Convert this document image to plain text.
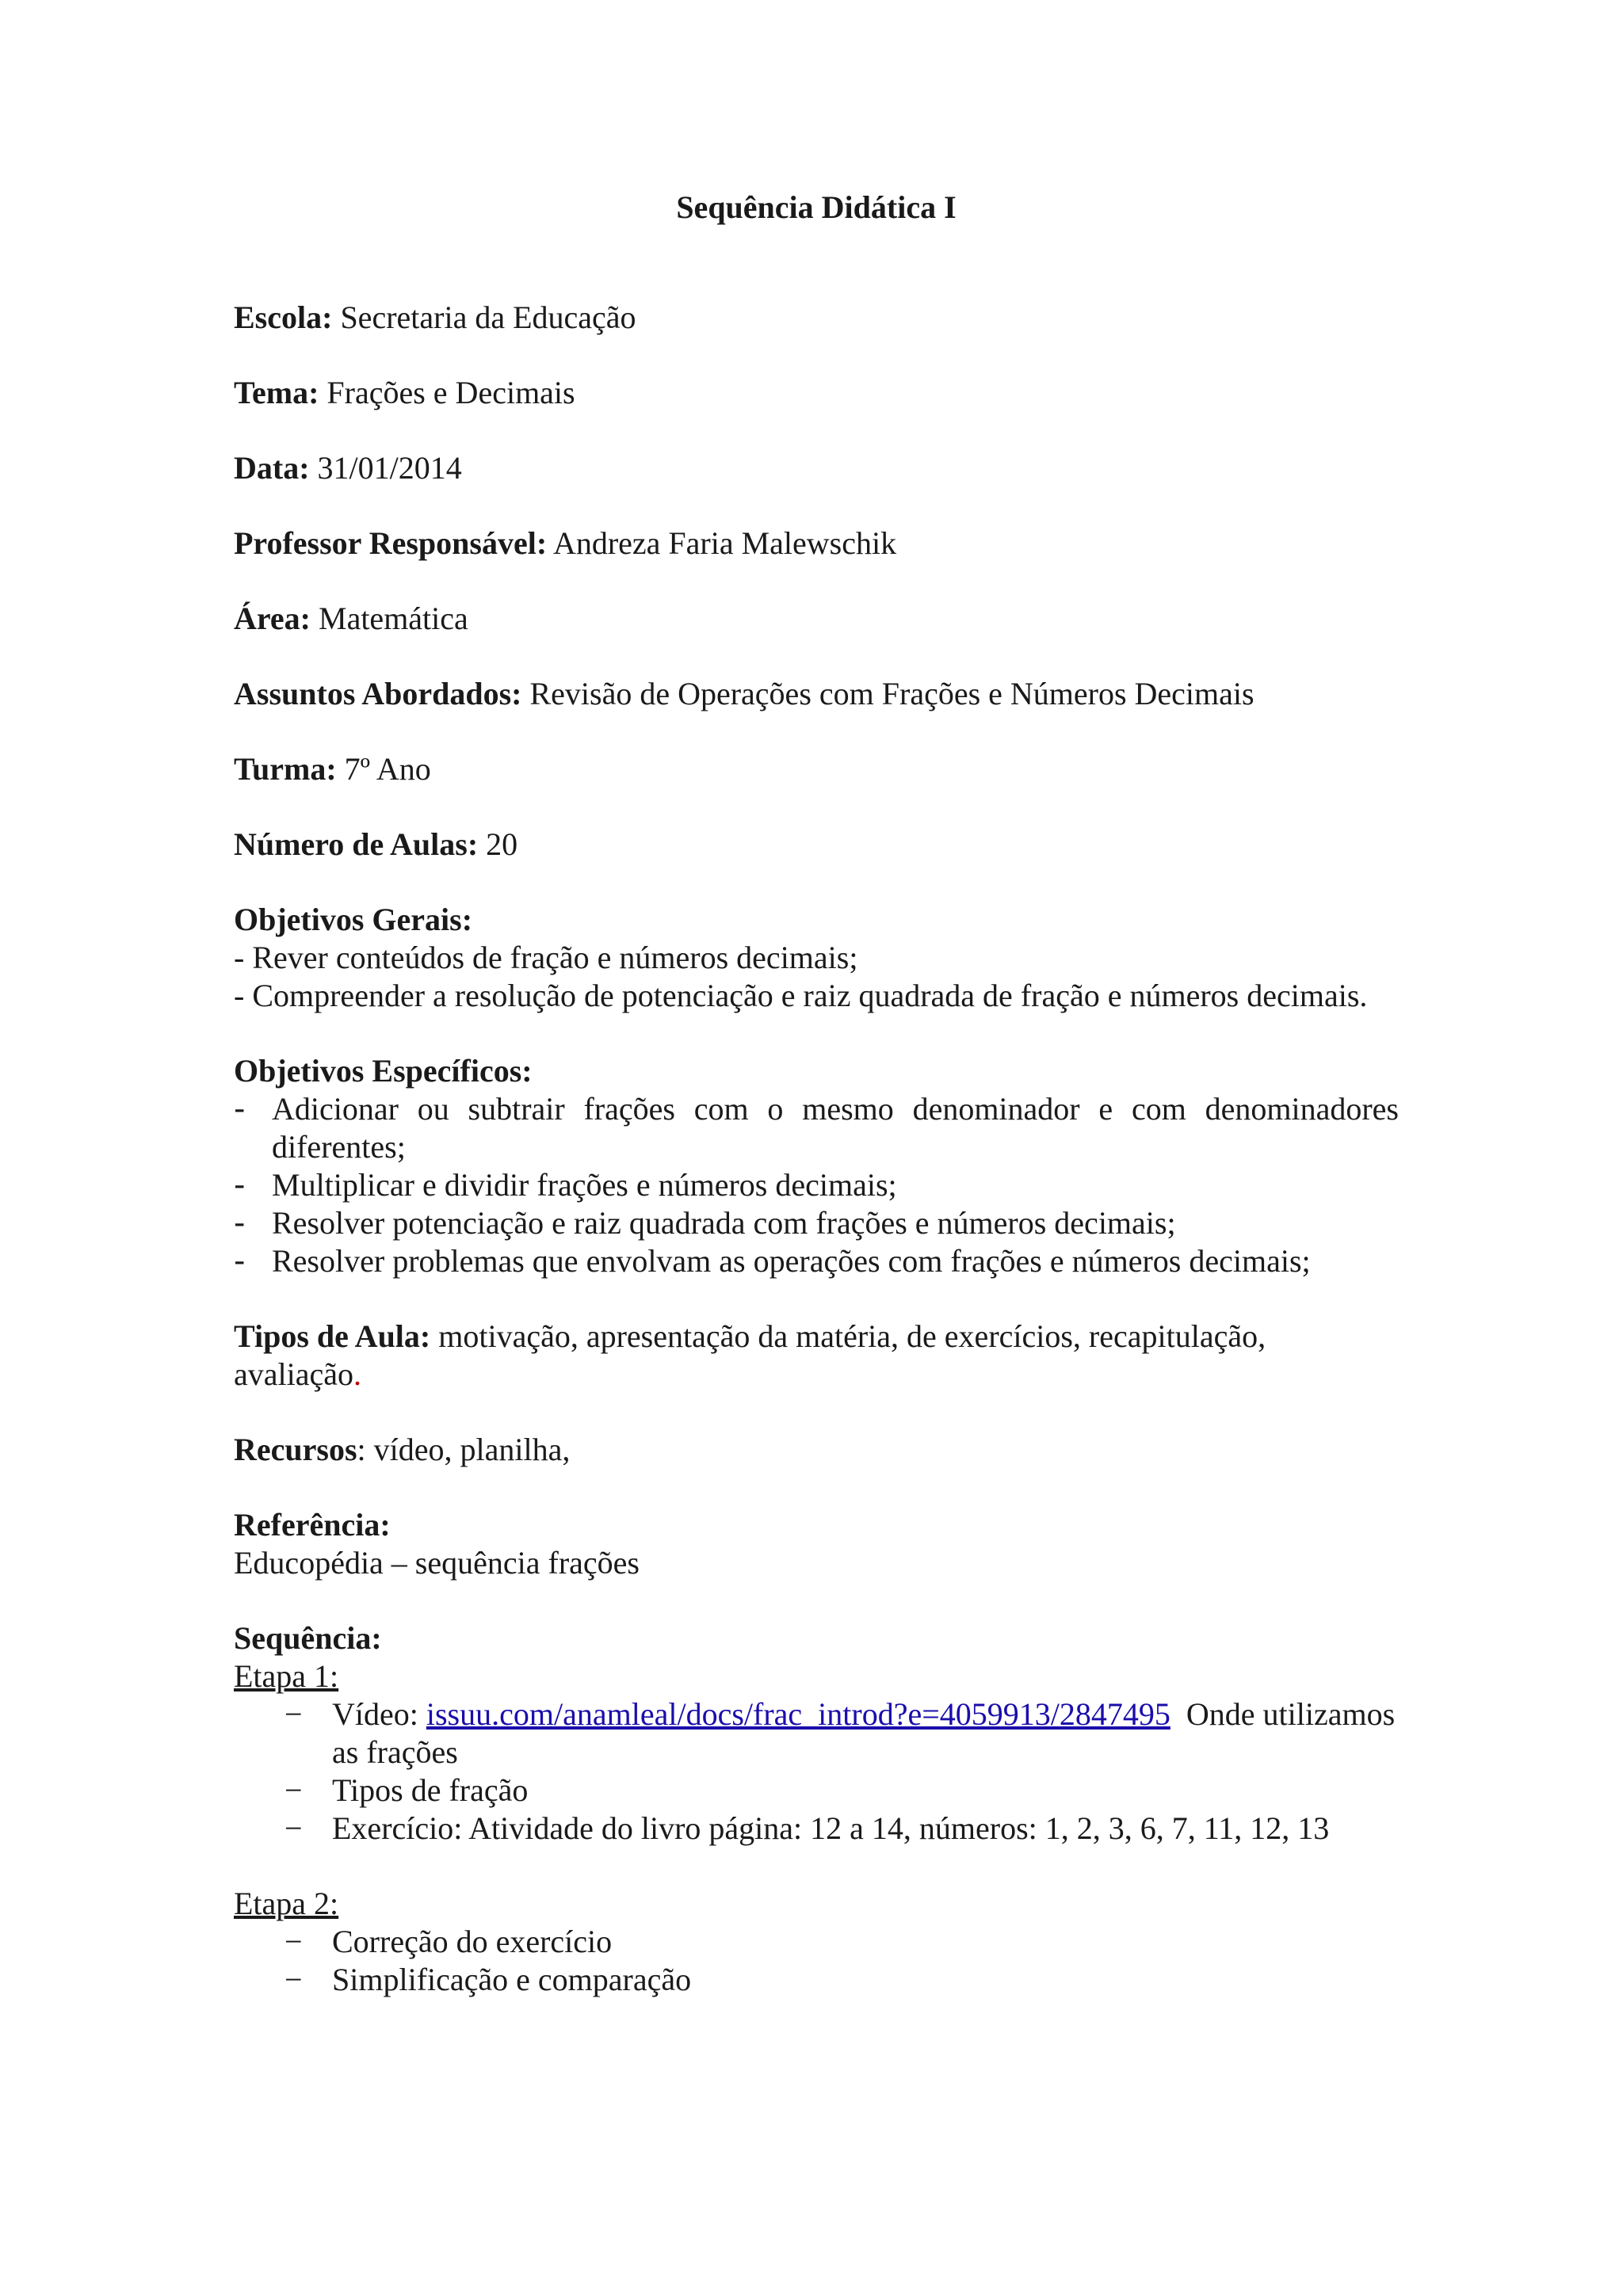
Sequência Didática I
Escola: Secretaria da Educação
Tema: Frações e Decimais
Data: 31/01/2014
Professor Responsável: Andreza Faria Malewschik
Área: Matemática
Assuntos Abordados: Revisão de Operações com Frações e Números Decimais
Turma: 7º Ano
Número de Aulas: 20
Objetivos Gerais:
- Rever conteúdos de fração e números decimais;
- Compreender a resolução de potenciação e raiz quadrada de fração e números decimais.
Objetivos Específicos:
- Adicionar ou subtrair frações com o mesmo denominador e com denominadores diferentes;
- Multiplicar e dividir frações e números decimais;
- Resolver potenciação e raiz quadrada com frações e números decimais;
- Resolver problemas que envolvam as operações com frações e números decimais;
Tipos de Aula: motivação, apresentação da matéria, de exercícios, recapitulação, avaliação.
Recursos: vídeo, planilha,
Referência:
Educopédia – sequência frações
Sequência:
Etapa 1:
− Vídeo: issuu.com/anamleal/docs/frac_introd?e=4059913/2847495  Onde utilizamos as frações
− Tipos de fração
− Exercício: Atividade do livro página: 12 a 14, números: 1, 2, 3, 6, 7, 11, 12, 13
Etapa 2:
− Correção do exercício
− Simplificação e comparação
